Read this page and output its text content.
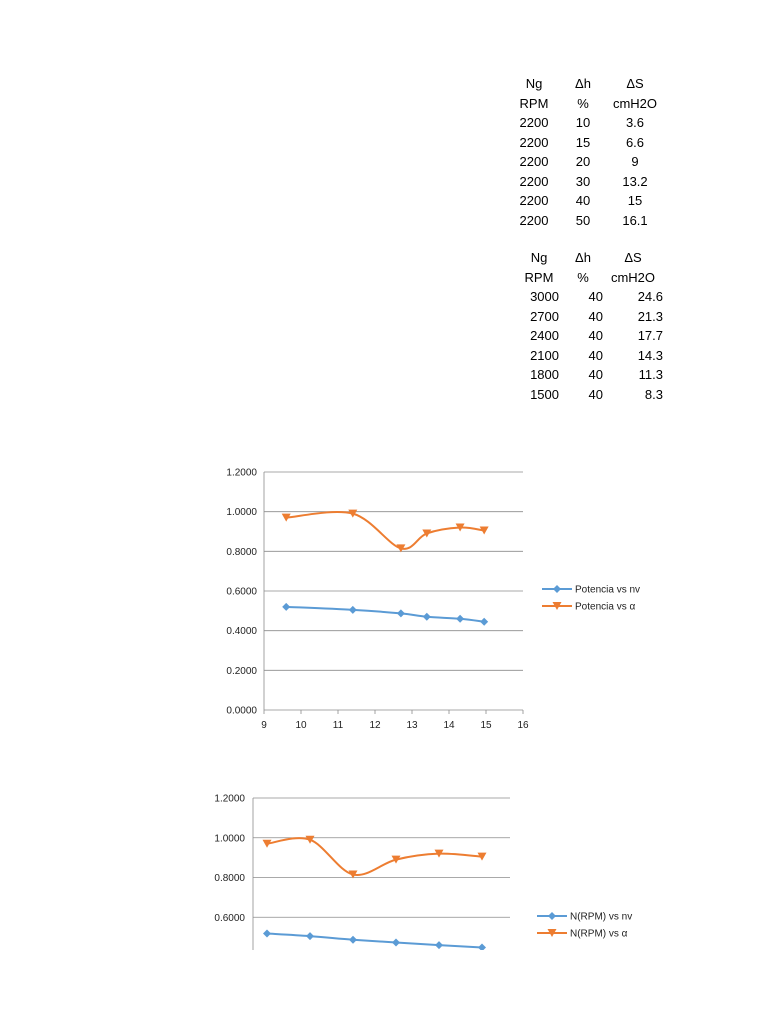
Ng	Δh	ΔS
RPM	%	cmH2O
2200	10	3.6
2200	15	6.6
2200	20	9
2200	30	13.2
2200	40	15
2200	50	16.1
Ng	Δh	ΔS
RPM	%	cmH2O
3000	40	24.6
2700	40	21.3
2400	40	17.7
2100	40	14.3
1800	40	11.3
1500	40	8.3
0.0000
0.2000
0.4000
0.6000
0.8000
1.0000
1.2000
9	10	11	12	13	14	15	16
Potencia vs nv
Potencia vs α
0.6000
0.8000
1.0000
1.2000
N(RPM) vs nv
N(RPM) vs α
